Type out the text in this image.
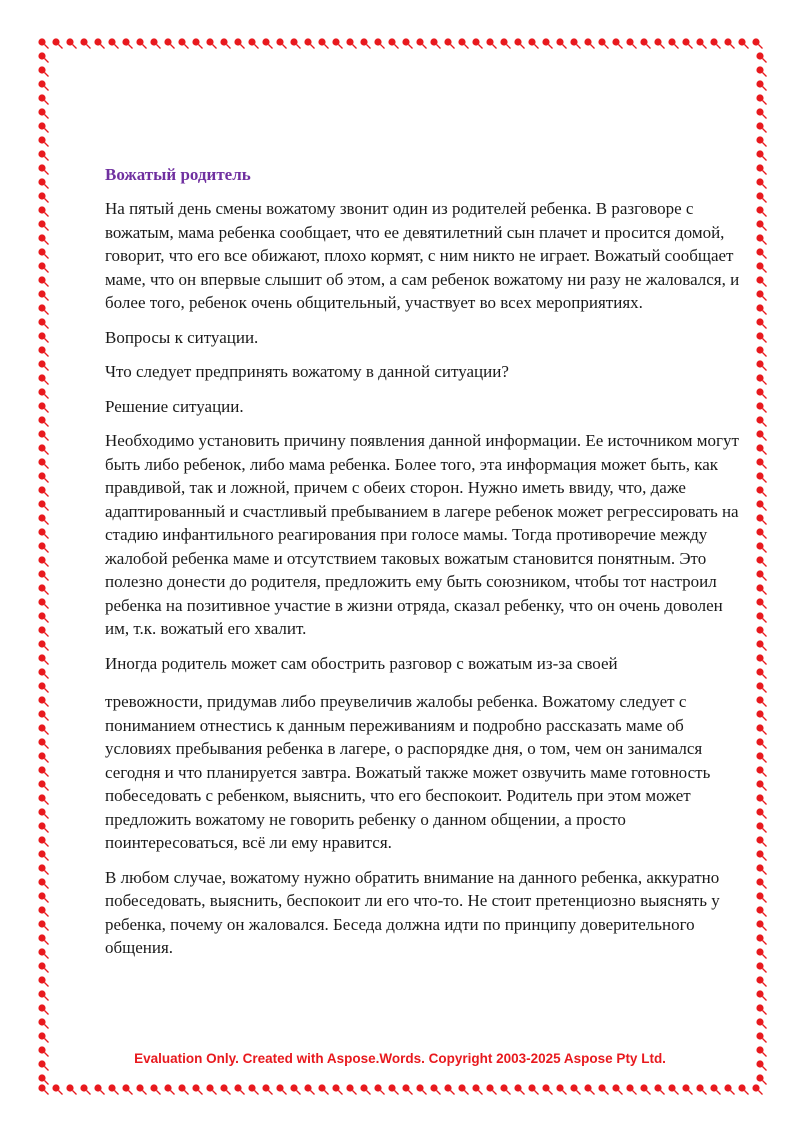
Вожатый родитель

На пятый день смены вожатому звонит один из родителей ребенка. В разговоре с вожатым, мама ребенка сообщает, что ее девятилетний сын плачет и просится домой, говорит, что его все обижают, плохо кормят, с ним никто не играет. Вожатый сообщает маме, что он впервые слышит об этом, а сам ребенок вожатому ни разу не жаловался, и более того, ребенок очень общительный, участвует во всех мероприятиях.

Вопросы к ситуации.

Что следует предпринять вожатому в данной ситуации?

Решение ситуации.

Необходимо установить причину появления данной информации. Ее источником могут быть либо ребенок, либо мама ребенка. Более того, эта информация может быть, как правдивой, так и ложной, причем с обеих сторон. Нужно иметь ввиду, что, даже адаптированный и счастливый пребыванием в лагере ребенок может регрессировать на стадию инфантильного реагирования при голосе мамы. Тогда противоречие между жалобой ребенка маме и отсутствием таковых вожатым становится понятным. Это полезно донести до родителя, предложить ему быть союзником, чтобы тот настроил ребенка на позитивное участие в жизни отряда, сказал ребенку, что он очень доволен им, т.к. вожатый его хвалит.

Иногда родитель может сам обострить разговор с вожатым из-за своей

тревожности, придумав либо преувеличив жалобы ребенка. Вожатому следует с пониманием отнестись к данным переживаниям и подробно рассказать маме об условиях пребывания ребенка в лагере, о распорядке дня, о том, чем он занимался сегодня и что планируется завтра. Вожатый также может озвучить маме готовность побеседовать с ребенком, выяснить, что его беспокоит. Родитель при этом может предложить вожатому не говорить ребенку о данном общении, а просто поинтересоваться, всё ли ему нравится.

В любом случае, вожатому нужно обратить внимание на данного ребенка, аккуратно побеседовать, выяснить, беспокоит ли его что-то. Не стоит претенциозно выяснять у ребенка, почему он жаловался. Беседа должна идти по принципу доверительного общения.

Evaluation Only. Created with Aspose.Words. Copyright 2003-2025 Aspose Pty Ltd.
